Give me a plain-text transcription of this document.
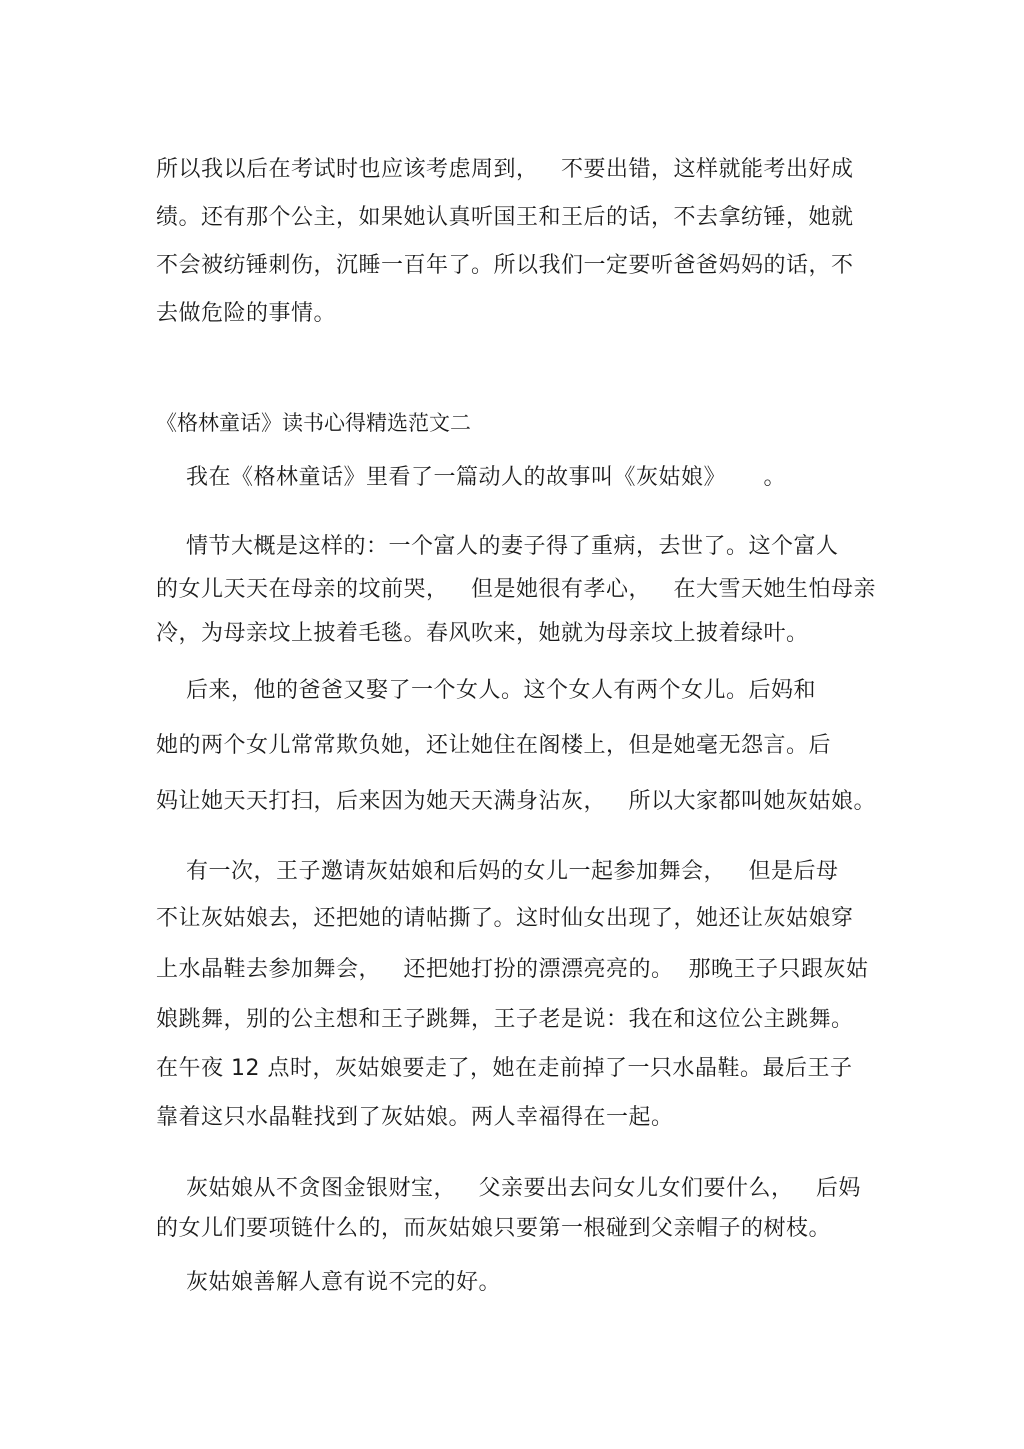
所以我以后在考试时也应该考虑周到，   不要出错，这样就能考出好成
绩。还有那个公主，如果她认真听国王和王后的话，不去拿纺锤，她就
不会被纺锤刺伤，沉睡一百年了。所以我们一定要听爸爸妈妈的话，不
去做危险的事情。
《格林童话》读书心得精选范文二
我在《格林童话》里看了一篇动人的故事叫《灰姑娘》     。
情节大概是这样的：一个富人的妻子得了重病，去世了。这个富人
的女儿天天在母亲的坟前哭，   但是她很有孝心，   在大雪天她生怕母亲
冷，为母亲坟上披着毛毯。春风吹来，她就为母亲坟上披着绿叶。
后来，他的爸爸又娶了一个女人。这个女人有两个女儿。后妈和
她的两个女儿常常欺负她，还让她住在阁楼上，但是她毫无怨言。后
妈让她天天打扫，后来因为她天天满身沾灰，   所以大家都叫她灰姑娘。
有一次，王子邀请灰姑娘和后妈的女儿一起参加舞会，   但是后母
不让灰姑娘去，还把她的请帖撕了。这时仙女出现了，她还让灰姑娘穿
上水晶鞋去参加舞会，   还把她打扮的漂漂亮亮的。  那晚王子只跟灰姑
娘跳舞，别的公主想和王子跳舞，王子老是说：我在和这位公主跳舞。
在午夜 12 点时，灰姑娘要走了，她在走前掉了一只水晶鞋。最后王子
靠着这只水晶鞋找到了灰姑娘。两人幸福得在一起。
灰姑娘从不贪图金银财宝，   父亲要出去问女儿女们要什么，   后妈
的女儿们要项链什么的，而灰姑娘只要第一根碰到父亲帽子的树枝。
灰姑娘善解人意有说不完的好。
